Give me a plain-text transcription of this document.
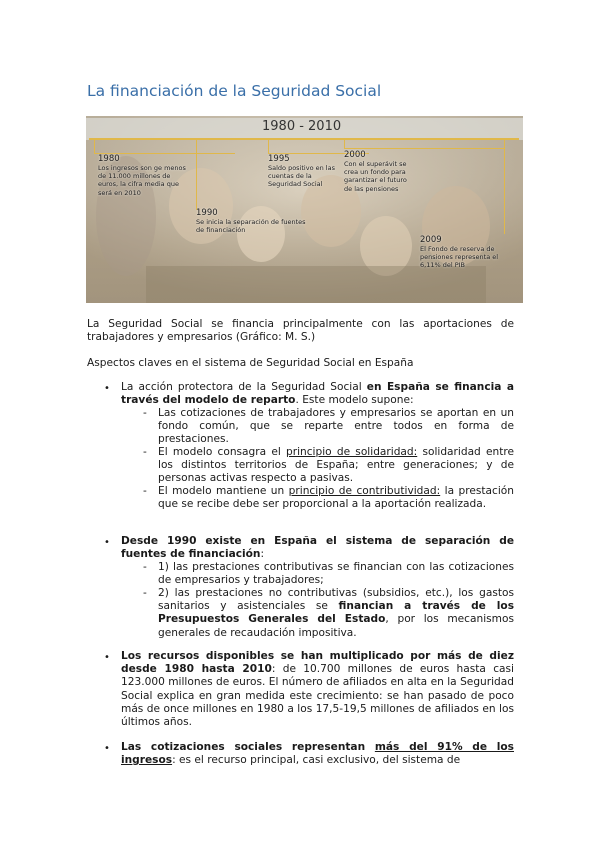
La financiación de la Seguridad Social
1980 - 2010
1980
Los ingresos son ge menos de 11.000 millones de euros, la cifra media que será en 2010
1990
Se inicia la separación de fuentes de financiación
1995
Saldo positivo en las cuentas de la Seguridad Social
2000
Con el superávit se crea un fondo para garantizar el futuro de las pensiones
2009
El Fondo de reserva de pensiones representa el 6,11% del PIB
La Seguridad Social se financia principalmente con las aportaciones de trabajadores y empresarios (Gráfico: M. S.)
Aspectos claves en el sistema de Seguridad Social en España
• La acción protectora de la Seguridad Social en España se financia a través del modelo de reparto. Este modelo supone:
- Las cotizaciones de trabajadores y empresarios se aportan en un fondo común, que se reparte entre todos en forma de prestaciones.
- El modelo consagra el principio de solidaridad: solidaridad entre los distintos territorios de España; entre generaciones; y de personas activas respecto a pasivas.
- El modelo mantiene un principio de contributividad: la prestación que se recibe debe ser proporcional a la aportación realizada.
• Desde 1990 existe en España el sistema de separación de fuentes de financiación:
- 1) las prestaciones contributivas se financian con las cotizaciones de empresarios y trabajadores;
- 2) las prestaciones no contributivas (subsidios, etc.), los gastos sanitarios y asistenciales se financian a través de los Presupuestos Generales del Estado, por los mecanismos generales de recaudación impositiva.
• Los recursos disponibles se han multiplicado por más de diez desde 1980 hasta 2010: de 10.700 millones de euros hasta casi 123.000 millones de euros. El número de afiliados en alta en la Seguridad Social explica en gran medida este crecimiento: se han pasado de poco más de once millones en 1980 a los 17,5-19,5 millones de afiliados en los últimos años.
• Las cotizaciones sociales representan más del 91% de los ingresos: es el recurso principal, casi exclusivo, del sistema de
